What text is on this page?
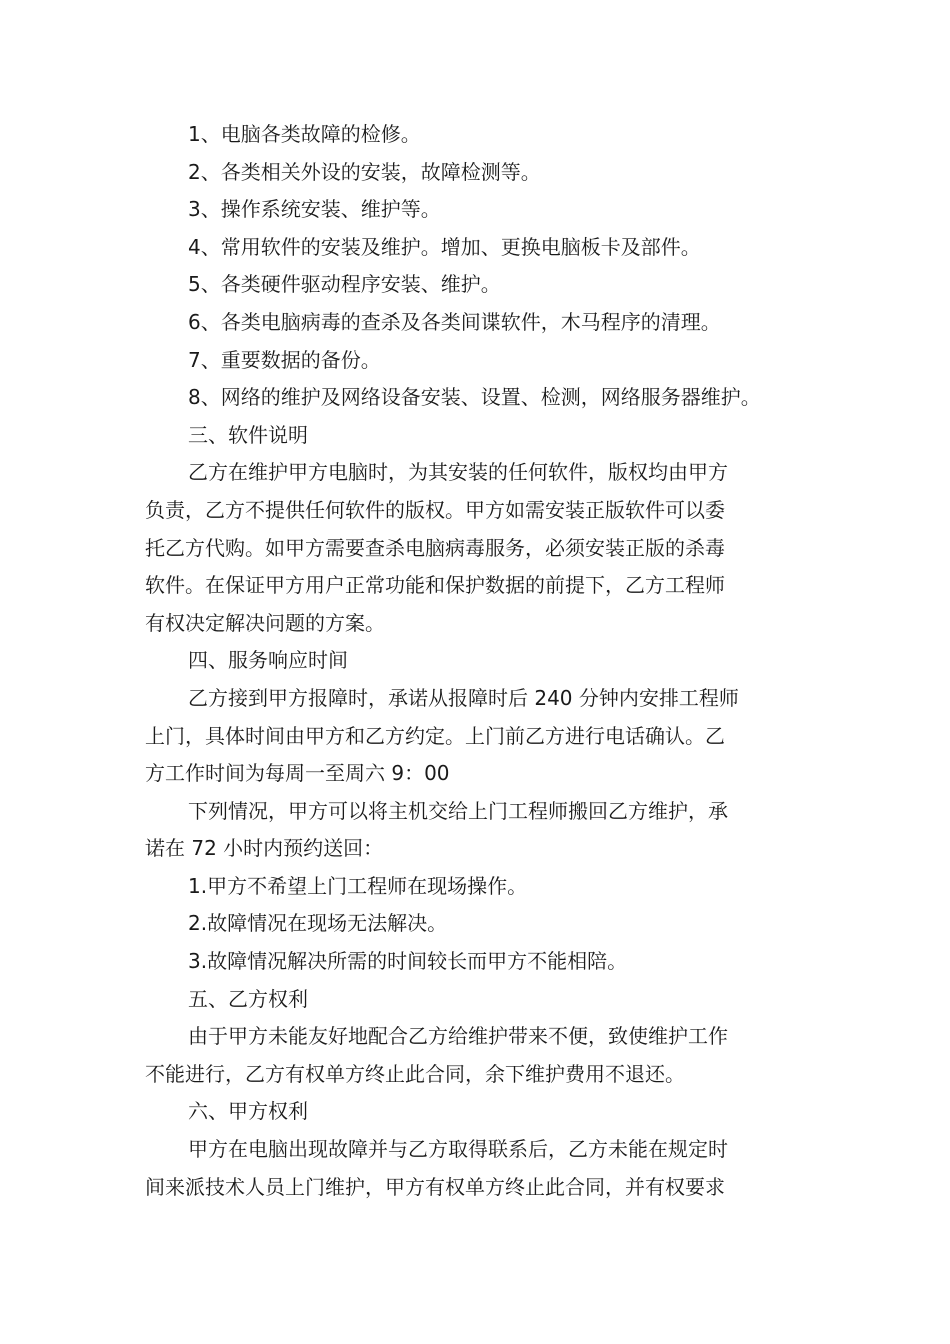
1、电脑各类故障的检修。
2、各类相关外设的安装，故障检测等。
3、操作系统安装、维护等。
4、常用软件的安装及维护。增加、更换电脑板卡及部件。
5、各类硬件驱动程序安装、维护。
6、各类电脑病毒的查杀及各类间谍软件，木马程序的清理。
7、重要数据的备份。
8、网络的维护及网络设备安装、设置、检测，网络服务器维护。
三、软件说明
乙方在维护甲方电脑时，为其安装的任何软件，版权均由甲方
负责，乙方不提供任何软件的版权。甲方如需安装正版软件可以委
托乙方代购。如甲方需要查杀电脑病毒服务，必须安装正版的杀毒
软件。在保证甲方用户正常功能和保护数据的前提下，乙方工程师
有权决定解决问题的方案。
四、服务响应时间
乙方接到甲方报障时，承诺从报障时后 240 分钟内安排工程师
上门，具体时间由甲方和乙方约定。上门前乙方进行电话确认。乙
方工作时间为每周一至周六 9：00
下列情况，甲方可以将主机交给上门工程师搬回乙方维护，承
诺在 72 小时内预约送回：
1.甲方不希望上门工程师在现场操作。
2.故障情况在现场无法解决。
3.故障情况解决所需的时间较长而甲方不能相陪。
五、乙方权利
由于甲方未能友好地配合乙方给维护带来不便，致使维护工作
不能进行，乙方有权单方终止此合同，余下维护费用不退还。
六、甲方权利
甲方在电脑出现故障并与乙方取得联系后，乙方未能在规定时
间来派技术人员上门维护，甲方有权单方终止此合同，并有权要求
